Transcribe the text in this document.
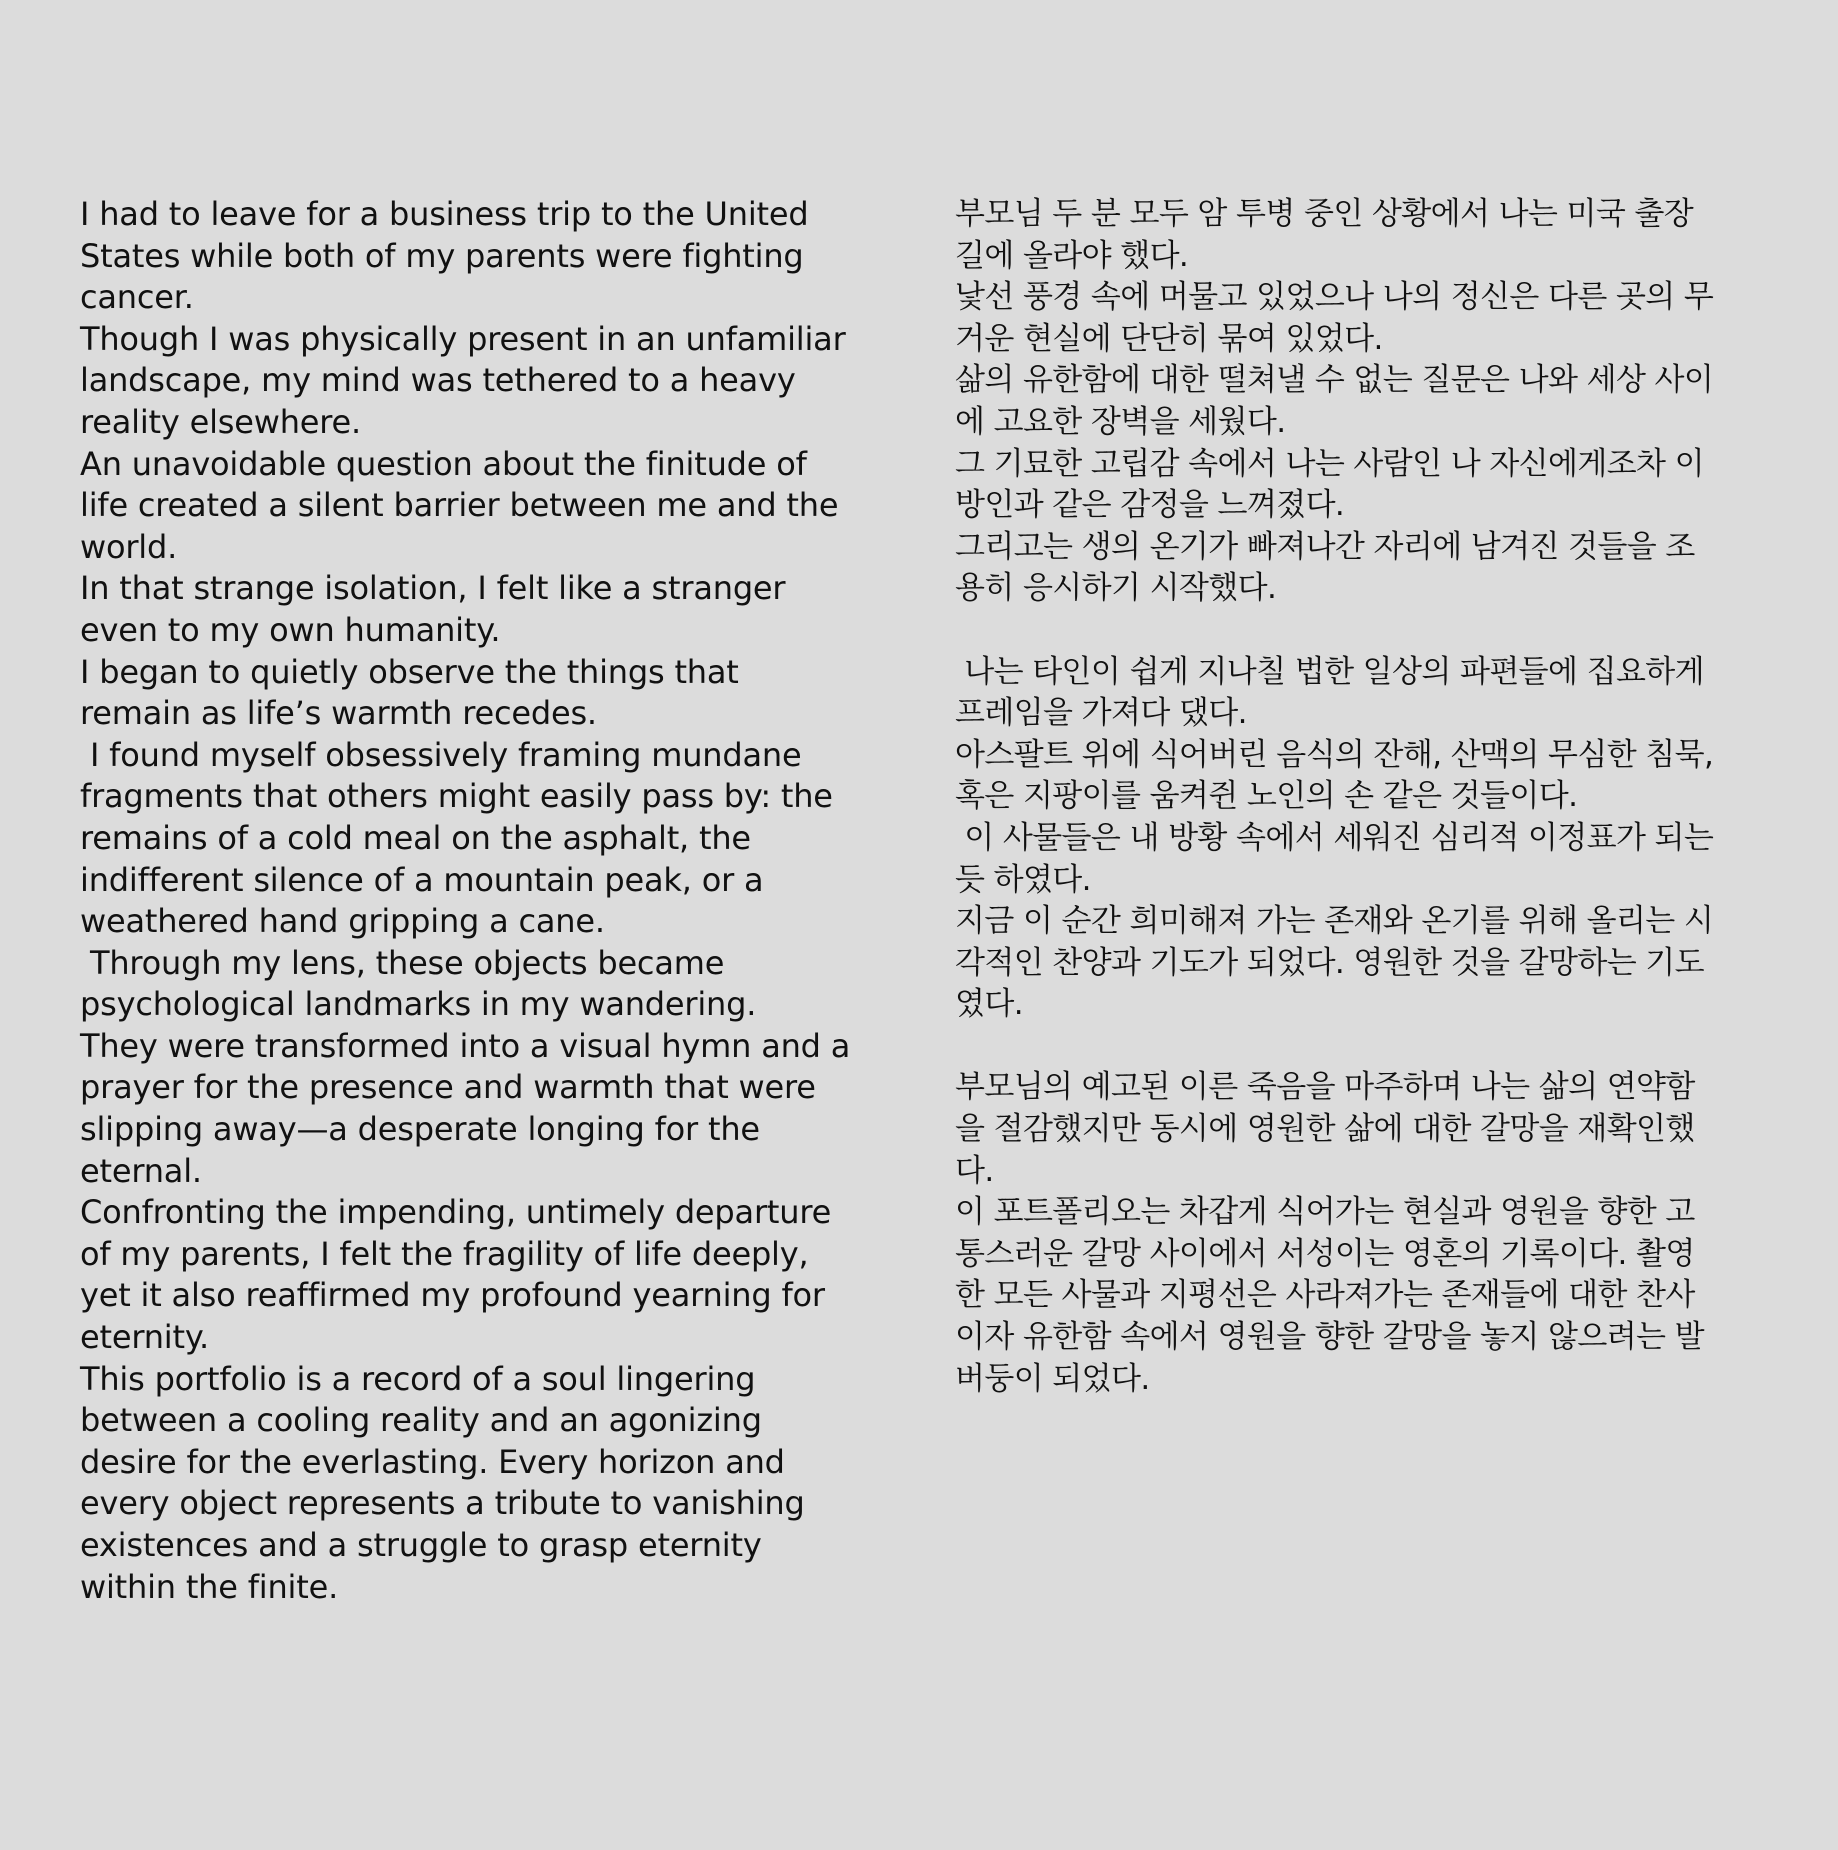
I had to leave for a business trip to the United
States while both of my parents were fighting
cancer.
Though I was physically present in an unfamiliar
landscape, my mind was tethered to a heavy
reality elsewhere.
An unavoidable question about the finitude of
life created a silent barrier between me and the
world.
In that strange isolation, I felt like a stranger
even to my own humanity.
I began to quietly observe the things that
remain as life’s warmth recedes.
I found myself obsessively framing mundane
fragments that others might easily pass by: the
remains of a cold meal on the asphalt, the
indifferent silence of a mountain peak, or a
weathered hand gripping a cane.
Through my lens, these objects became
psychological landmarks in my wandering.
They were transformed into a visual hymn and a
prayer for the presence and warmth that were
slipping away—a desperate longing for the
eternal.
Confronting the impending, untimely departure
of my parents, I felt the fragility of life deeply,
yet it also reaffirmed my profound yearning for
eternity.
This portfolio is a record of a soul lingering
between a cooling reality and an agonizing
desire for the everlasting. Every horizon and
every object represents a tribute to vanishing
existences and a struggle to grasp eternity
within the finite.
부모님 두 분 모두 암 투병 중인 상황에서 나는 미국 출장
길에 올라야 했다.
낯선 풍경 속에 머물고 있었으나 나의 정신은 다른 곳의 무
거운 현실에 단단히 묶여 있었다.
삶의 유한함에 대한 떨쳐낼 수 없는 질문은 나와 세상 사이
에 고요한 장벽을 세웠다.
그 기묘한 고립감 속에서 나는 사람인 나 자신에게조차 이
방인과 같은 감정을 느껴졌다.
그리고는 생의 온기가 빠져나간 자리에 남겨진 것들을 조
용히 응시하기 시작했다.
나는 타인이 쉽게 지나칠 법한 일상의 파편들에 집요하게
프레임을 가져다 댔다.
아스팔트 위에 식어버린 음식의 잔해, 산맥의 무심한 침묵,
혹은 지팡이를 움켜쥔 노인의 손 같은 것들이다.
이 사물들은 내 방황 속에서 세워진 심리적 이정표가 되는
듯 하였다.
지금 이 순간 희미해져 가는 존재와 온기를 위해 올리는 시
각적인 찬양과 기도가 되었다. 영원한 것을 갈망하는 기도
였다.
부모님의 예고된 이른 죽음을 마주하며 나는 삶의 연약함
을 절감했지만 동시에 영원한 삶에 대한 갈망을 재확인했
다.
이 포트폴리오는 차갑게 식어가는 현실과 영원을 향한 고
통스러운 갈망 사이에서 서성이는 영혼의 기록이다. 촬영
한 모든 사물과 지평선은 사라져가는 존재들에 대한 찬사
이자 유한함 속에서 영원을 향한 갈망을 놓지 않으려는 발
버둥이 되었다.
